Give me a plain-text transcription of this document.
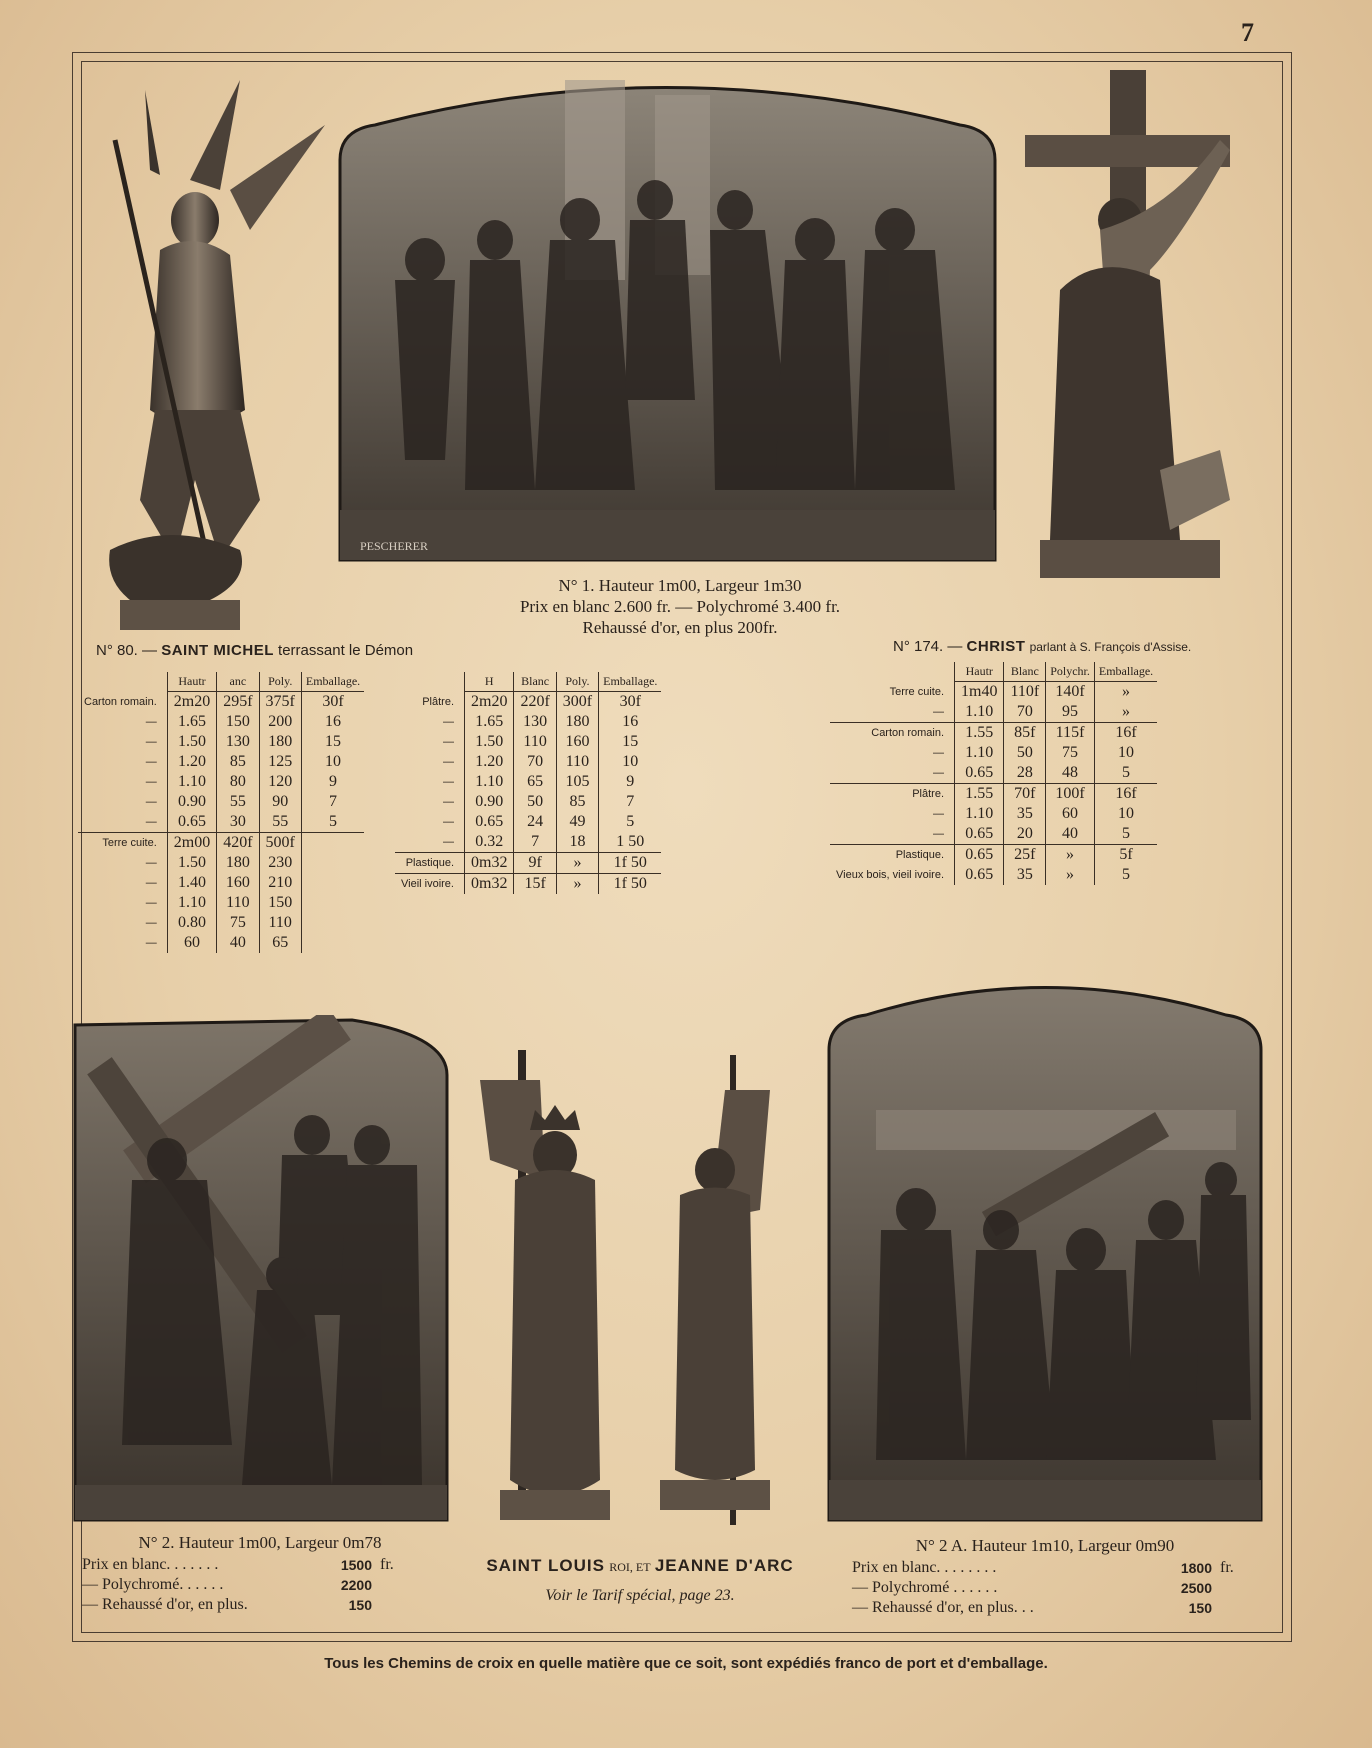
7
PESCHERER
N° 1. Hauteur 1m00, Largeur 1m30
Prix en blanc 2.600 fr. — Polychromé 3.400 fr.
Rehaussé d'or, en plus 200fr.
N° 80. — SAINT MICHEL terrassant le Démon
	Hautr	anc	Poly.	Emballage.
Carton romain.	2m20	295f	375f	30f
—	1.65	150	200	16
—	1.50	130	180	15
—	1.20	85	125	10
—	1.10	80	120	9
—	0.90	55	90	7
—	0.65	30	55	5
Terre cuite.	2m00	420f	500f	
—	1.50	180	230	
—	1.40	160	210	
—	1.10	110	150	
—	0.80	75	110	
—	60	40	65	
	H	Blanc	Poly.	Emballage.
Plâtre.	2m20	220f	300f	30f
—	1.65	130	180	16
—	1.50	110	160	15
—	1.20	70	110	10
—	1.10	65	105	9
—	0.90	50	85	7
—	0.65	24	49	5
—	0.32	7	18	1 50
Plastique.	0m32	9f	»	1f 50
Vieil ivoire.	0m32	15f	»	1f 50
N° 174. — CHRIST parlant à S. François d'Assise.
	Hautr	Blanc	Polychr.	Emballage.
Terre cuite.	1m40	110f	140f	»
—	1.10	70	95	»
Carton romain.	1.55	85f	115f	16f
—	1.10	50	75	10
—	0.65	28	48	5
Plâtre.	1.55	70f	100f	16f
—	1.10	35	60	10
—	0.65	20	40	5
Plastique.	0.65	25f	»	5f
Vieux bois, vieil ivoire.	0.65	35	»	5
N° 2. Hauteur 1m00, Largeur 0m78
Prix en blanc. . . . . . .	1500 fr.
— Polychromé. . . . . .	2200
— Rehaussé d'or, en plus.	150
SAINT LOUIS ROI, ET JEANNE D'ARC
Voir le Tarif spécial, page 23.
N° 2 A. Hauteur 1m10, Largeur 0m90
Prix en blanc. . . . . . . .	1800 fr.
— Polychromé . . . . . .	2500
— Rehaussé d'or, en plus. . .	150
Tous les Chemins de croix en quelle matière que ce soit, sont expédiés franco de port et d'emballage.
